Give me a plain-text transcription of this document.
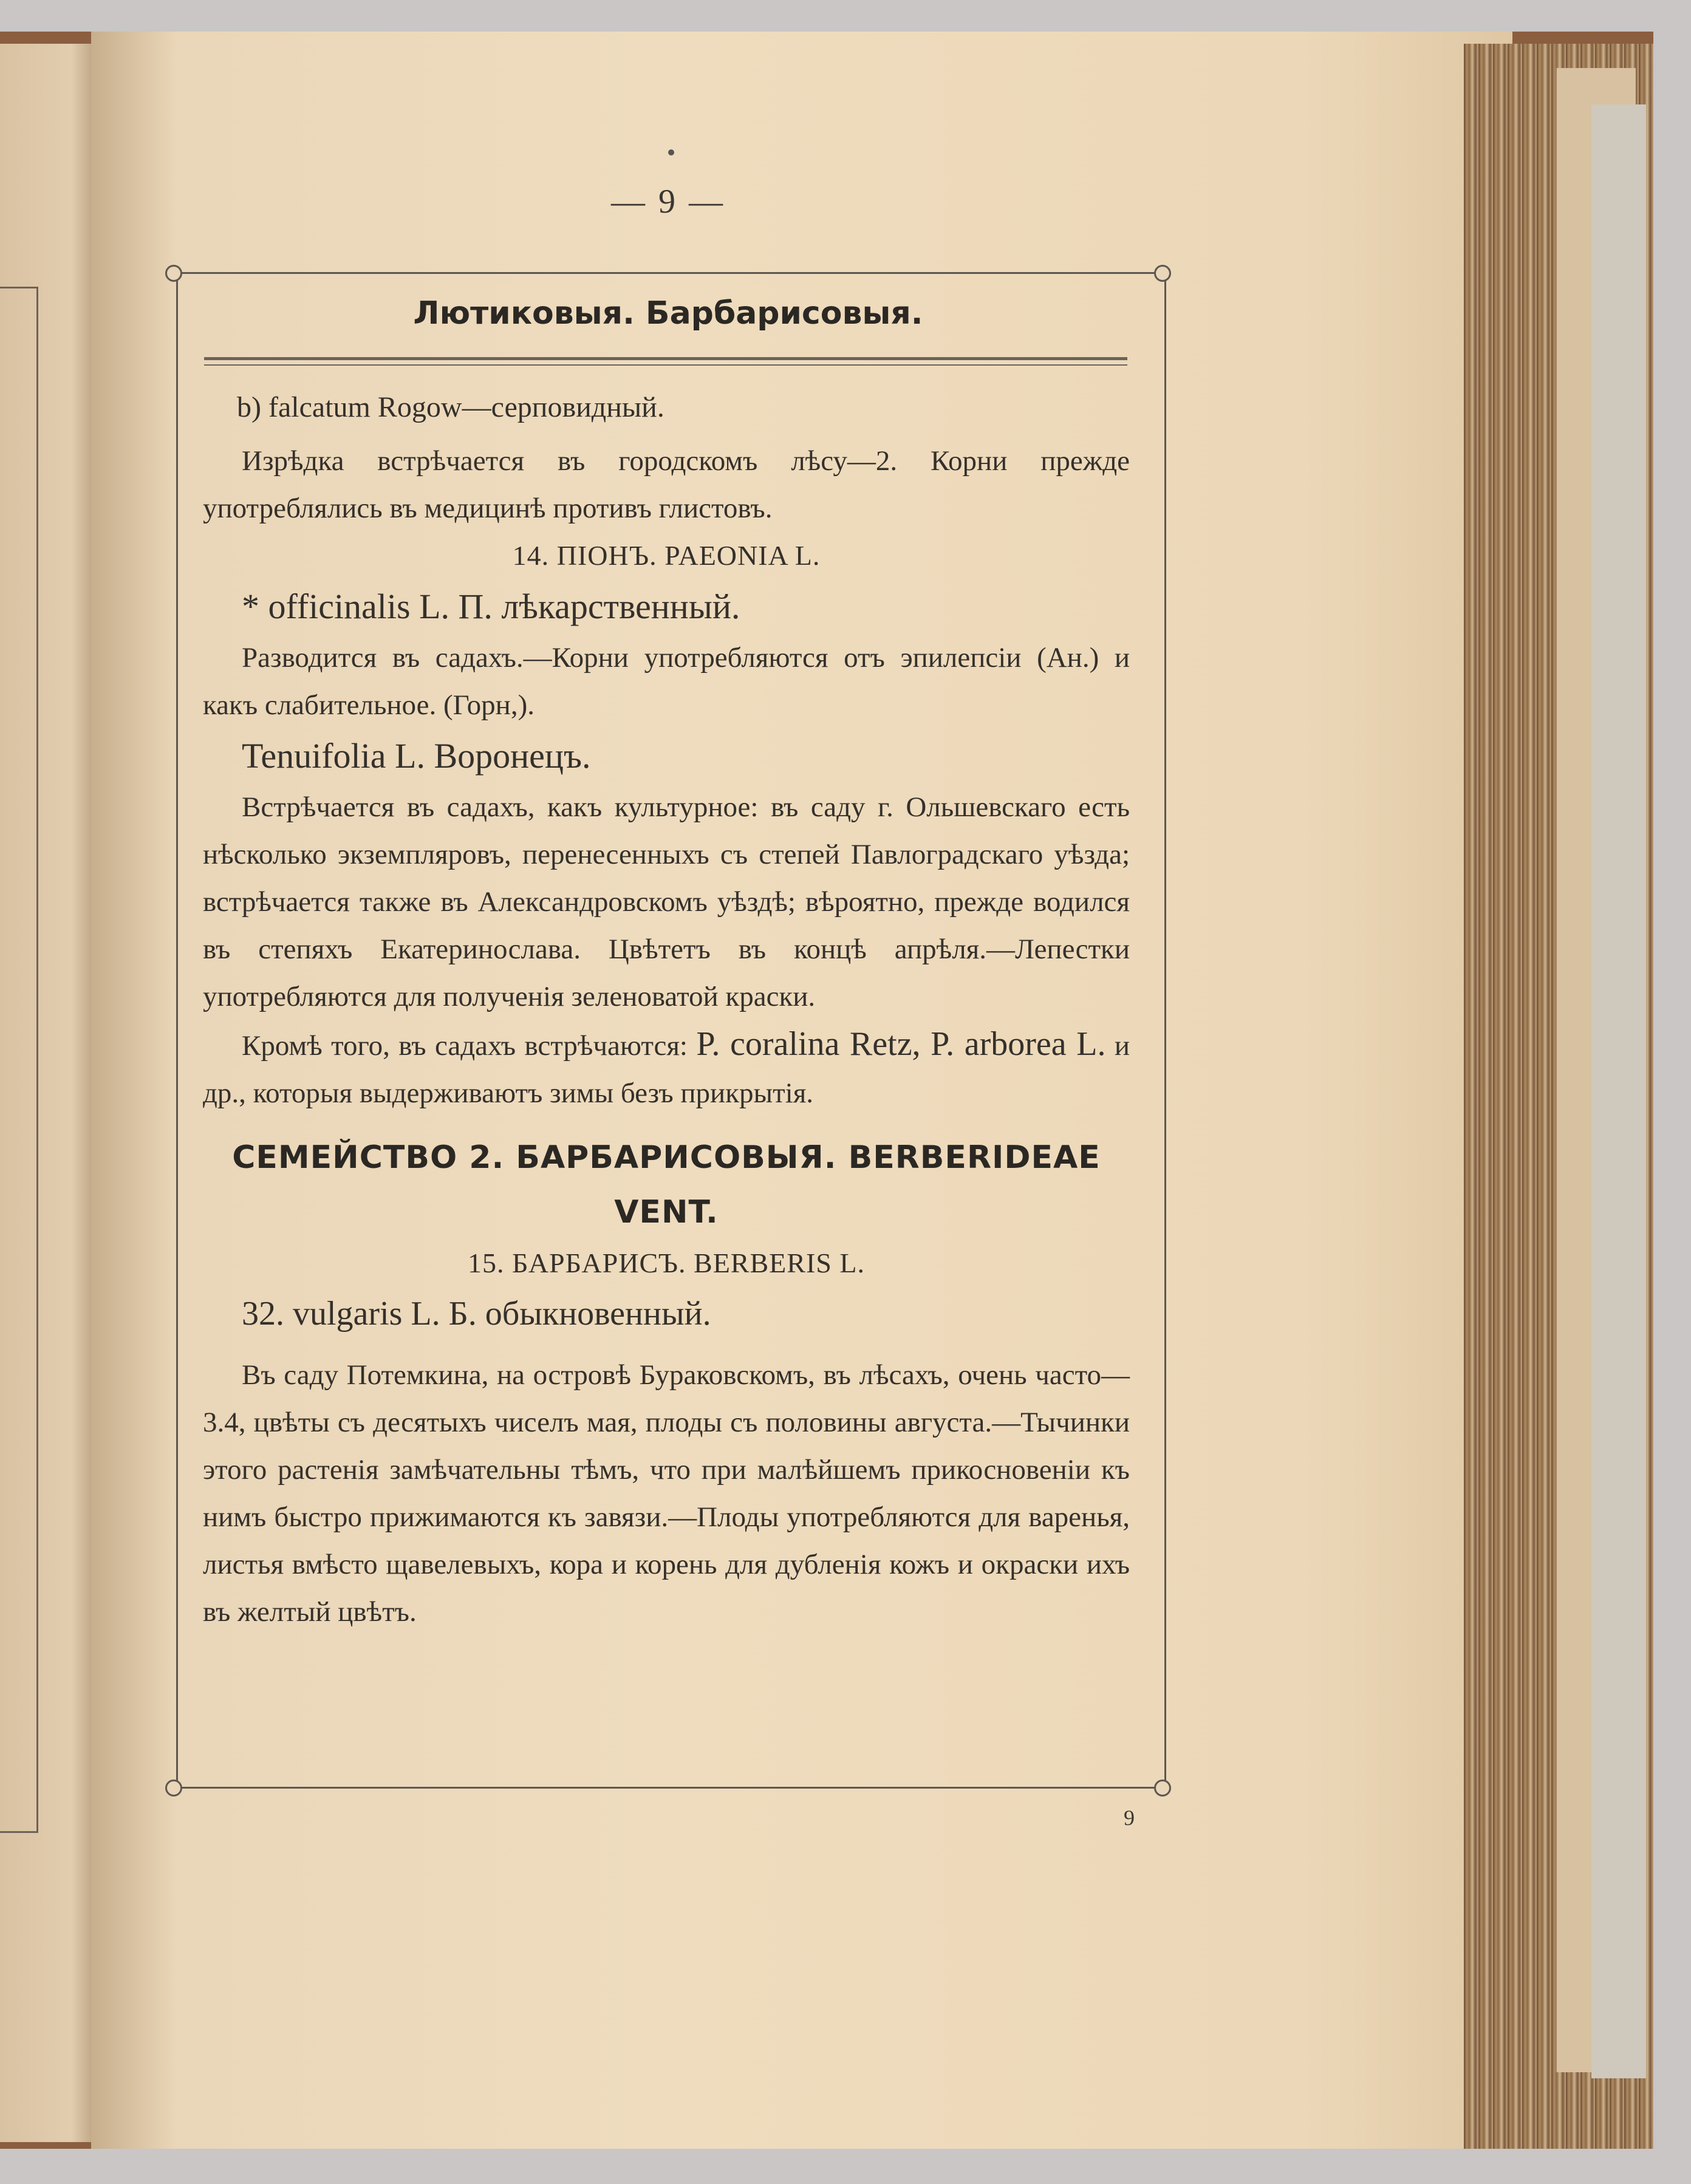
— 9 —
Лютиковыя. Барбарисовыя.

b) falcatum Rogow—серповидный.

Изрѣдка встрѣчается въ городскомъ лѣсу—2. Корни прежде употреблялись въ медицинѣ противъ глистовъ.

14. ПІОНЪ. PAEONIA L.

* officinalis L. П. лѣкарственный.

Разводится въ садахъ.—Корни употребляются отъ эпилепсіи (Ан.) и какъ слабительное. (Горн,).

Tenuifolia L. Воронецъ.

Встрѣчается въ садахъ, какъ культурное: въ саду г. Ольшевскаго есть нѣсколько экземпляровъ, перенесенныхъ съ степей Павлоградскаго уѣзда; встрѣчается также въ Александровскомъ уѣздѣ; вѣроятно, прежде водился въ степяхъ Екатеринослава. Цвѣтетъ въ концѣ апрѣля.—Лепестки употребляются для полученія зеленоватой краски.

Кромѣ того, въ садахъ встрѣчаются: P. coralina Retz, P. arborea L. и др., которыя выдерживаютъ зимы безъ прикрытія.

СЕМЕЙСТВО 2. БАРБАРИСОВЫЯ. BERBERIDEAE VENT.

15. БАРБАРИСЪ. BERBERIS L.

32. vulgaris L. Б. обыкновенный.

Въ саду Потемкина, на островѣ Бураковскомъ, въ лѣсахъ, очень часто—3.4, цвѣты съ десятыхъ чиселъ мая, плоды съ половины августа.—Тычинки этого растенія замѣчательны тѣмъ, что при малѣйшемъ прикосновеніи къ нимъ быстро прижимаются къ завязи.—Плоды употребляются для варенья, листья вмѣсто щавелевыхъ, кора и корень для дубленія кожъ и окраски ихъ въ желтый цвѣтъ.

9
